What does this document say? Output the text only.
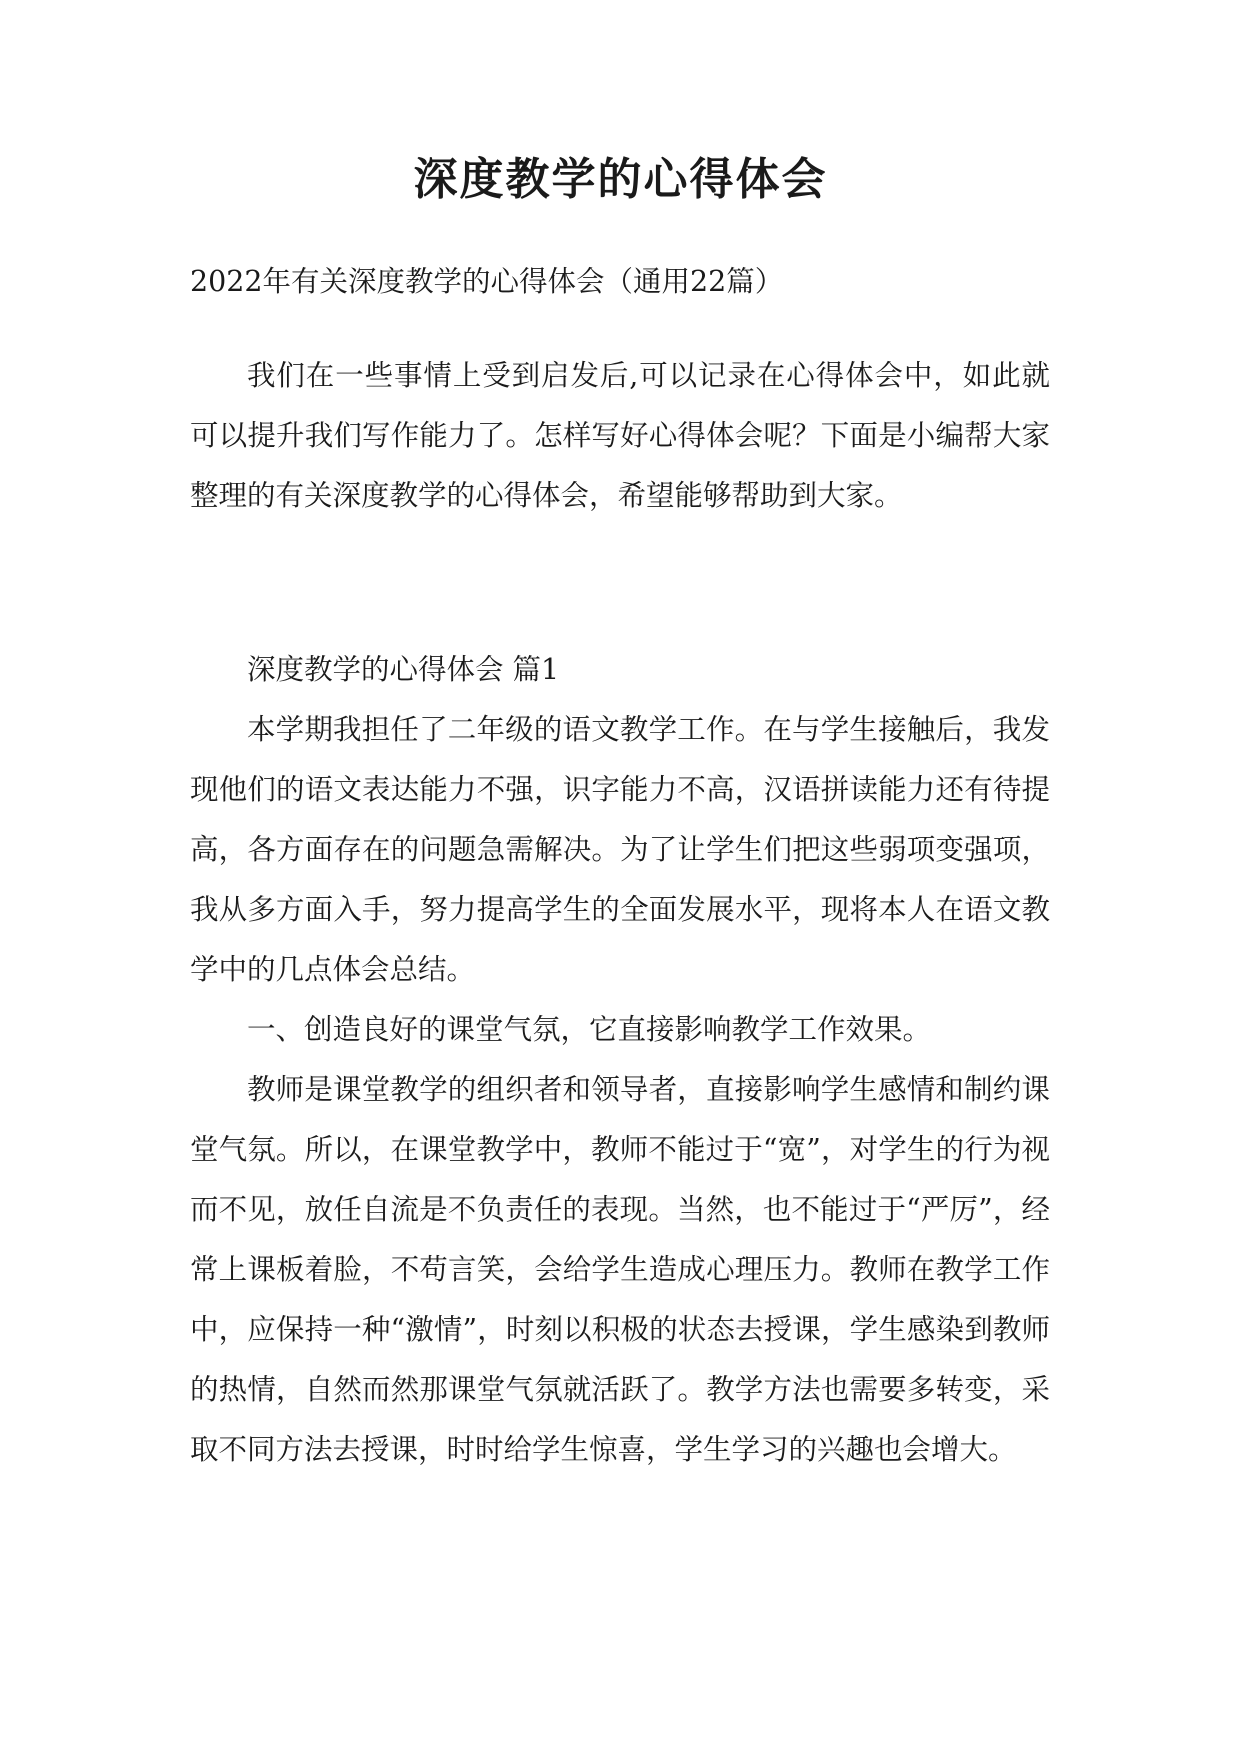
深度教学的心得体会
2022年有关深度教学的心得体会（通用22篇）

我们在一些事情上受到启发后,可以记录在心得体会中，如此就可以提升我们写作能力了。怎样写好心得体会呢？下面是小编帮大家整理的有关深度教学的心得体会，希望能够帮助到大家。

深度教学的心得体会 篇1

本学期我担任了二年级的语文教学工作。在与学生接触后，我发现他们的语文表达能力不强，识字能力不高，汉语拼读能力还有待提高，各方面存在的问题急需解决。为了让学生们把这些弱项变强项，我从多方面入手，努力提高学生的全面发展水平，现将本人在语文教学中的几点体会总结。

一、创造良好的课堂气氛，它直接影响教学工作效果。

教师是课堂教学的组织者和领导者，直接影响学生感情和制约课堂气氛。所以，在课堂教学中，教师不能过于“宽”，对学生的行为视而不见，放任自流是不负责任的表现。当然，也不能过于“严厉”，经常上课板着脸，不苟言笑，会给学生造成心理压力。教师在教学工作中，应保持一种“激情”，时刻以积极的状态去授课，学生感染到教师的热情，自然而然那课堂气氛就活跃了。教学方法也需要多转变，采取不同方法去授课，时时给学生惊喜，学生学习的兴趣也会增大。
